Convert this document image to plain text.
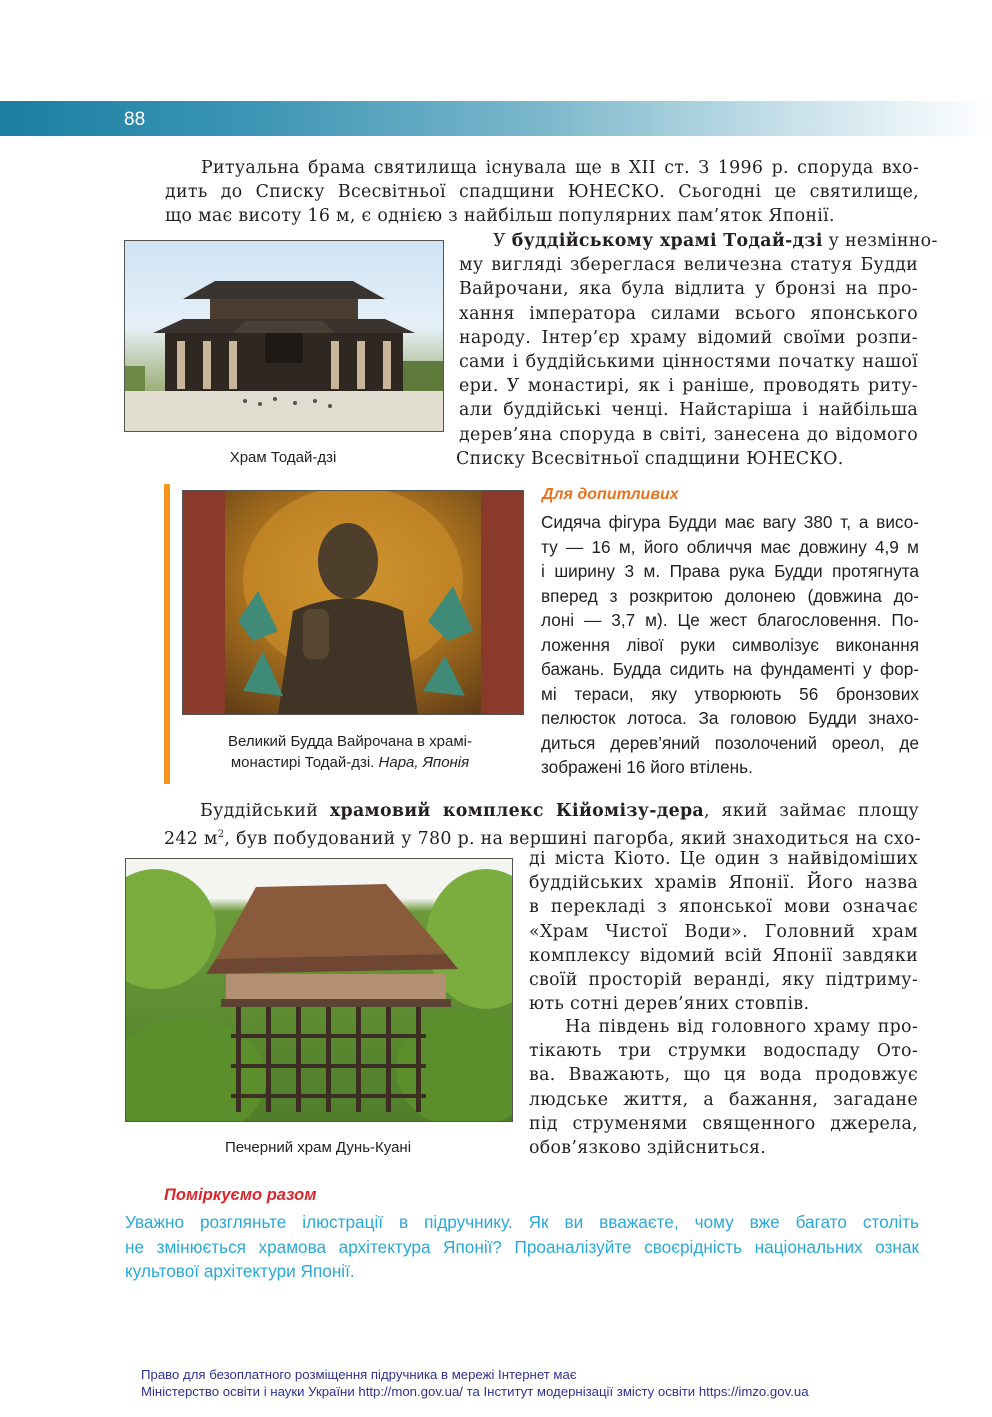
88
Ритуальна брама святилища існувала ще в XII ст. З 1996 р. спорудa вхо-
дить до Списку Всесвітньої спадщини ЮНЕСКО. Сьогодні це святилище,
що має висоту 16 м, є однією з найбільш популярних пам’яток Японії.
Храм Тодай-дзі
У буддійському храмі Тодай-дзі у незмінно-
му вигляді збереглася величезна статуя Будди
Вайрочани, яка була відлита у бронзі на про-
хання імператора силами всього японського
народу. Інтер’єр храму відомий своїми розпи-
сами і буддійськими цінностями початку нашої
ери. У монастирі, як і раніше, проводять риту-
али буддійські ченці. Найстаріша і найбільша
дерев’яна споруда в світі, занесена до відомого
Списку Всесвітньої спадщини ЮНЕСКО.
Великий Будда Вайрочана в храмі-
монастирі Тодай-дзі. Нара, Японія
Для допитливих
Сидяча фігура Будди має вагу 380 т, а висо-
ту — 16 м, його обличчя має довжину 4,9 м
і ширину 3 м. Права рука Будди протягнута
вперед з розкритою долонею (довжина до-
лоні — 3,7 м). Це жест благословення. По-
ложення лівої руки символізує виконання
бажань. Будда сидить на фундаменті у фор-
мі тераси, яку утворюють 56 бронзових
пелюсток лотоса. За головою Будди знахо-
диться дерев’яний позолочений ореол, де
зображені 16 його втілень.
Буддійський храмовий комплекс Кійомізу-дера, який займає площу
242 $м^2$, був побудований у 780 р. на вершині пагорба, який знаходиться на схо-
Печерний храм Дунь-Куані
ді міста Кіото. Це один з найвідоміших
буддійських храмів Японії. Його назва
в перекладі з японської мови означає
«Храм Чистої Води». Головний храм
комплексу відомий всій Японії завдяки
своїй просторій веранді, яку підтриму-
ють сотні дерев’яних стовпів.
На південь від головного храму про-
тікають три струмки водоспаду Ото-
ва. Вважають, що ця вода продовжує
людське життя, а бажання, загадане
під струменями священного джерела,
обов’язково здійсниться.
Поміркуємо разом
Уважно розгляньте ілюстрації в підручнику. Як ви вважаєте, чому вже багато століть
не змінюється храмова архітектура Японії? Проаналізуйте своєрідність національних ознак
культової архітектури Японії.
Право для безоплатного розміщення підручника в мережі Інтернет має
Міністерство освіти і науки України http://mon.gov.ua/ та Інститут модернізації змісту освіти https://imzo.gov.ua
